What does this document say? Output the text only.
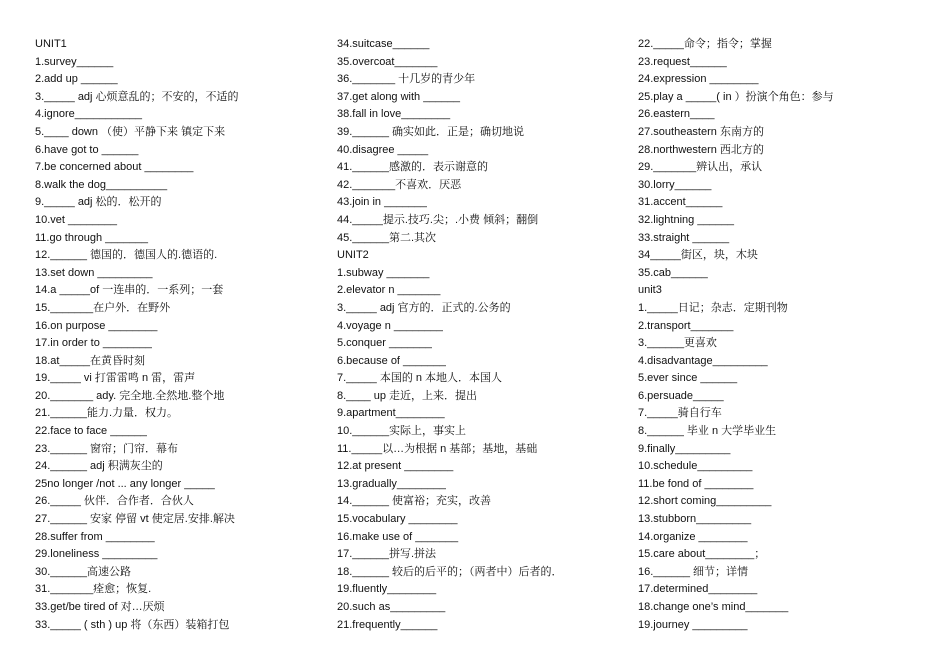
UNIT1
1.survey______
2.add up ______
3._____ adj 心烦意乱的；不安的，不适的
4.ignore___________
5.____ down （使）平静下来 镇定下来
6.have got to ______
7.be concerned about ________
8.walk the dog__________
9._____ adj 松的．松开的
10.vet ________
11.go through _______
12.______ 德国的．德国人的.德语的.
13.set down _________
14.a _____of 一连串的．一系列；一套
15._______在户外．在野外
16.on purpose ________
17.in order to ________
18.at_____在黄昏时刻
19._____ vi 打雷雷鸣 n 雷，雷声
20._______ ady. 完全地.全然地.整个地
21.______能力.力量．权力。
22.face to face ______
23.______ 窗帘；门帘．幕布
24.______ adj 积满灰尘的
25no longer /not ... any longer _____
26._____ 伙伴．合作者．合伙人
27.______ 安家 停留 vt 使定居.安排.解决
28.suffer from ________
29.loneliness _________
30.______高速公路
31._______痊愈；恢复.
33.get/be tired of 对…厌烦
33._____ ( sth ) up 将（东西）装箱打包
34.suitcase______
35.overcoat_______
36._______ 十几岁的青少年
37.get along with ______
38.fall in love________
39.______ 确实如此．正是；确切地说
40.disagree _____
41.______感激的．表示谢意的
42._______不喜欢．厌恶
43.join in _______
44._____提示.技巧.尖；.小费 倾斜；翻倒
45.______第二.其次
UNIT2
1.subway _______
2.elevator n _______
3._____ adj 官方的．正式的.公务的
4.voyage n ________
5.conquer _______
6.because of _______
7._____ 本国的 n 本地人．本国人
8.____ up 走近，上来．提出
9.apartment________
10.______实际上，事实上
11._____以…为根据 n 基部；基地，基础
12.at present ________
13.gradually________
14.______ 使富裕；充实，改善
15.vocabulary ________
16.make use of _______
17.______拼写.拼法
18.______ 较后的后平的；（两者中）后者的．
19.fluently________
20.such as_________
21.frequently______
22._____命令；指令；掌握
23.request______
24.expression ________
25.play a _____( in ）扮演个角色：参与
26.eastern____
27.southeastern 东南方的
28.northwestern 西北方的
29._______辨认出，承认
30.lorry______
31.accent______
32.lightning ______
33.straight ______
34_____街区，块，木块
35.cab______
unit3
1._____日记；杂志．定期刊物
2.transport_______
3.______更喜欢
4.disadvantage_________
5.ever since ______
6.persuade_____
7._____骑自行车
8.______ 毕业 n 大学毕业生
9.finally_________
10.schedule_________
11.be fond of ________
12.short coming_________
13.stubborn_________
14.organize ________
15.care about________；
16.______ 细节；详情
17.determined________
18.change one’s mind_______
19.journey _________
